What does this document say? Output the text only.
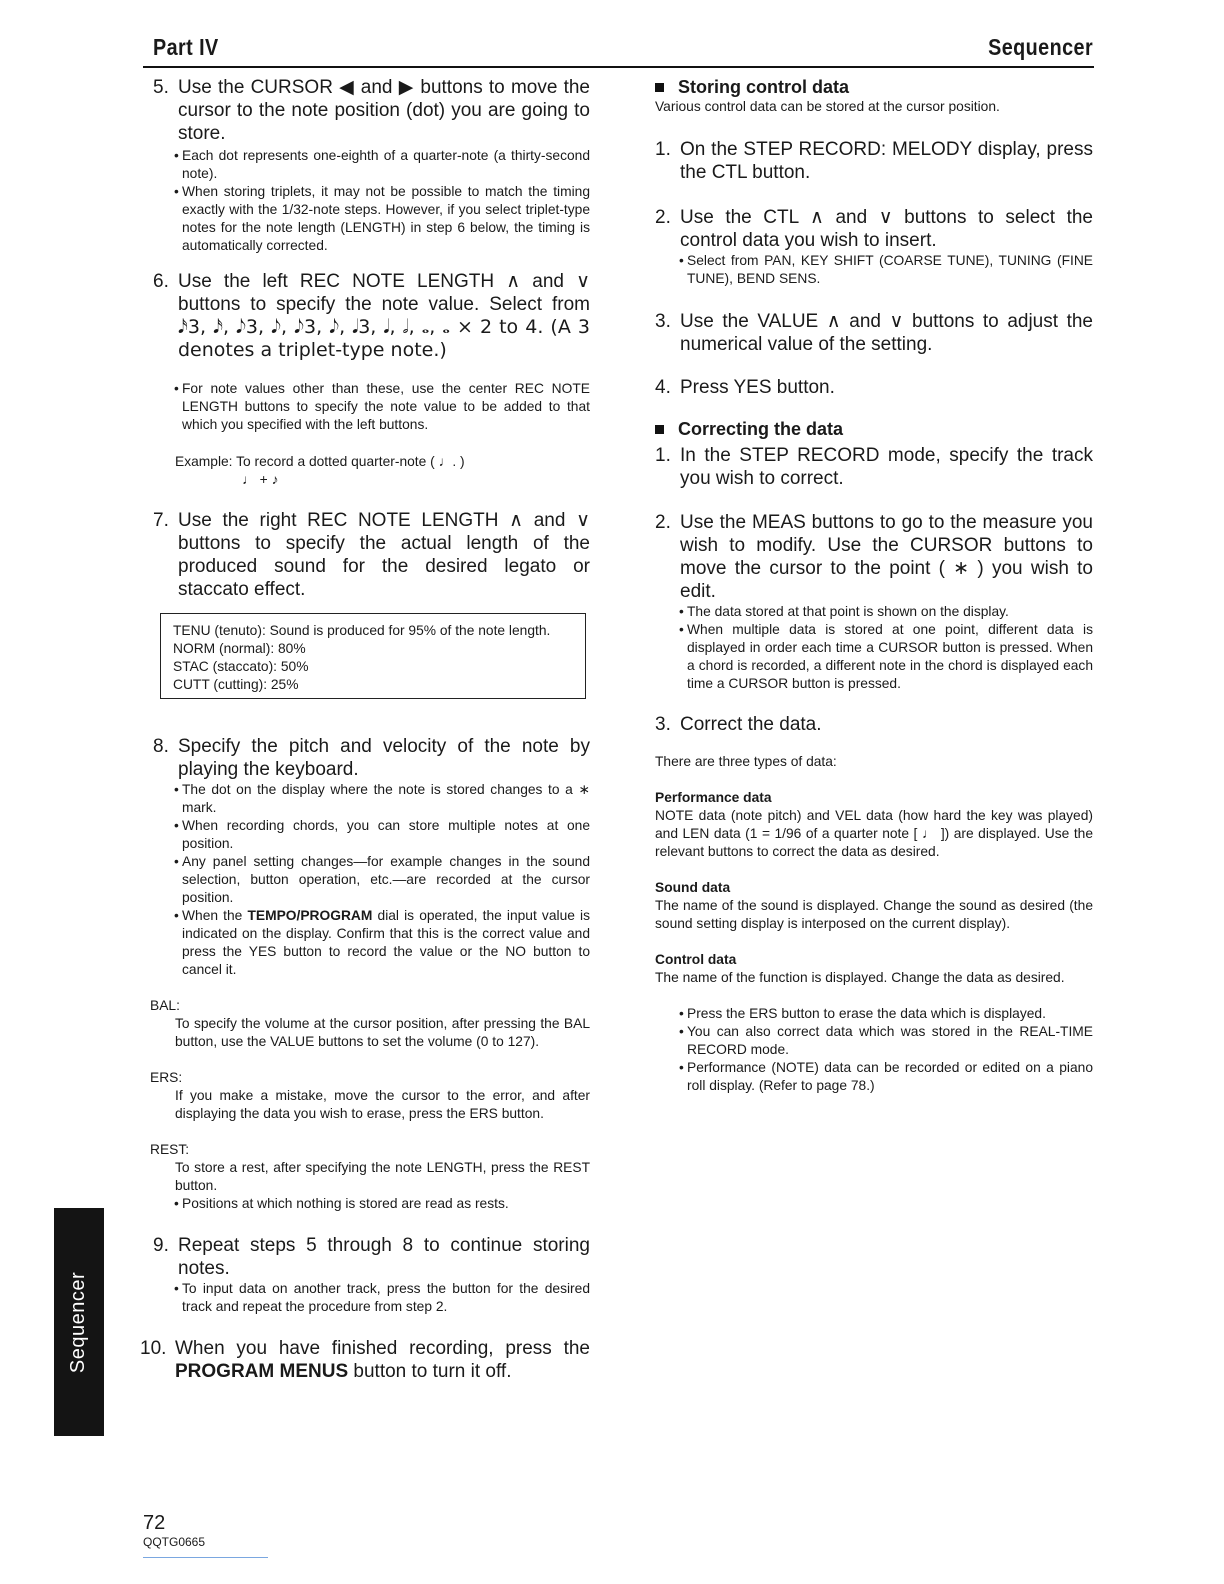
Part IV	Sequencer
5. Use the CURSOR ◀ and ▶ buttons to move the cursor to the note position (dot) you are going to store.
• Each dot represents one-eighth of a quarter-note (a thirty-second note).
• When storing triplets, it may not be possible to match the timing exactly with the 1/32-note steps. However, if you select triplet-type notes for the note length (LENGTH) in step 6 below, the timing is automatically corrected.
6. Use the left REC NOTE LENGTH ∧ and ∨ buttons to specify the note value. Select from 𝅘𝅥𝅯3, 𝅘𝅥𝅯, 𝅘𝅥𝅮3, 𝅘𝅥𝅮, 𝅘𝅥𝅮3, 𝅘𝅥𝅮, 𝅘𝅥3, 𝅘𝅥, 𝅗𝅥, 𝅝, 𝅝 × 2 to 4. (A 3 denotes a triplet-type note.)
• For note values other than these, use the center REC NOTE LENGTH buttons to specify the note value to be added to that which you specified with the left buttons.
Example: To record a dotted quarter-note ( ♩. )
♩ + ♪
7. Use the right REC NOTE LENGTH ∧ and ∨ buttons to specify the actual length of the produced sound for the desired legato or staccato effect.
TENU (tenuto): Sound is produced for 95% of the note length.
NORM (normal): 80%
STAC (staccato): 50%
CUTT (cutting): 25%
8. Specify the pitch and velocity of the note by playing the keyboard.
• The dot on the display where the note is stored changes to a ∗ mark.
• When recording chords, you can store multiple notes at one position.
• Any panel setting changes—for example changes in the sound selection, button operation, etc.—are recorded at the cursor position.
• When the TEMPO/PROGRAM dial is operated, the input value is indicated on the display. Confirm that this is the correct value and press the YES button to record the value or the NO button to cancel it.
BAL:
To specify the volume at the cursor position, after pressing the BAL button, use the VALUE buttons to set the volume (0 to 127).
ERS:
If you make a mistake, move the cursor to the error, and after displaying the data you wish to erase, press the ERS button.
REST:
To store a rest, after specifying the note LENGTH, press the REST button.
• Positions at which nothing is stored are read as rests.
9. Repeat steps 5 through 8 to continue storing notes.
• To input data on another track, press the button for the desired track and repeat the procedure from step 2.
10. When you have finished recording, press the PROGRAM MENUS button to turn it off.
Storing control data
Various control data can be stored at the cursor position.
1. On the STEP RECORD: MELODY display, press the CTL button.
2. Use the CTL ∧ and ∨ buttons to select the control data you wish to insert.
• Select from PAN, KEY SHIFT (COARSE TUNE), TUNING (FINE TUNE), BEND SENS.
3. Use the VALUE ∧ and ∨ buttons to adjust the numerical value of the setting.
4. Press YES button.
Correcting the data
1. In the STEP RECORD mode, specify the track you wish to correct.
2. Use the MEAS buttons to go to the measure you wish to modify. Use the CURSOR buttons to move the cursor to the point ( ∗ ) you wish to edit.
• The data stored at that point is shown on the display.
• When multiple data is stored at one point, different data is displayed in order each time a CURSOR button is pressed. When a chord is recorded, a different note in the chord is displayed each time a CURSOR button is pressed.
3. Correct the data.
There are three types of data:
Performance data
NOTE data (note pitch) and VEL data (how hard the key was played) and LEN data (1 = 1/96 of a quarter note [ ♩ ]) are displayed. Use the relevant buttons to correct the data as desired.
Sound data
The name of the sound is displayed. Change the sound as desired (the sound setting display is interposed on the current display).
Control data
The name of the function is displayed. Change the data as desired.
• Press the ERS button to erase the data which is displayed.
• You can also correct data which was stored in the REAL-TIME RECORD mode.
• Performance (NOTE) data can be recorded or edited on a piano roll display. (Refer to page 78.)
Sequencer
72
QQTG0665
